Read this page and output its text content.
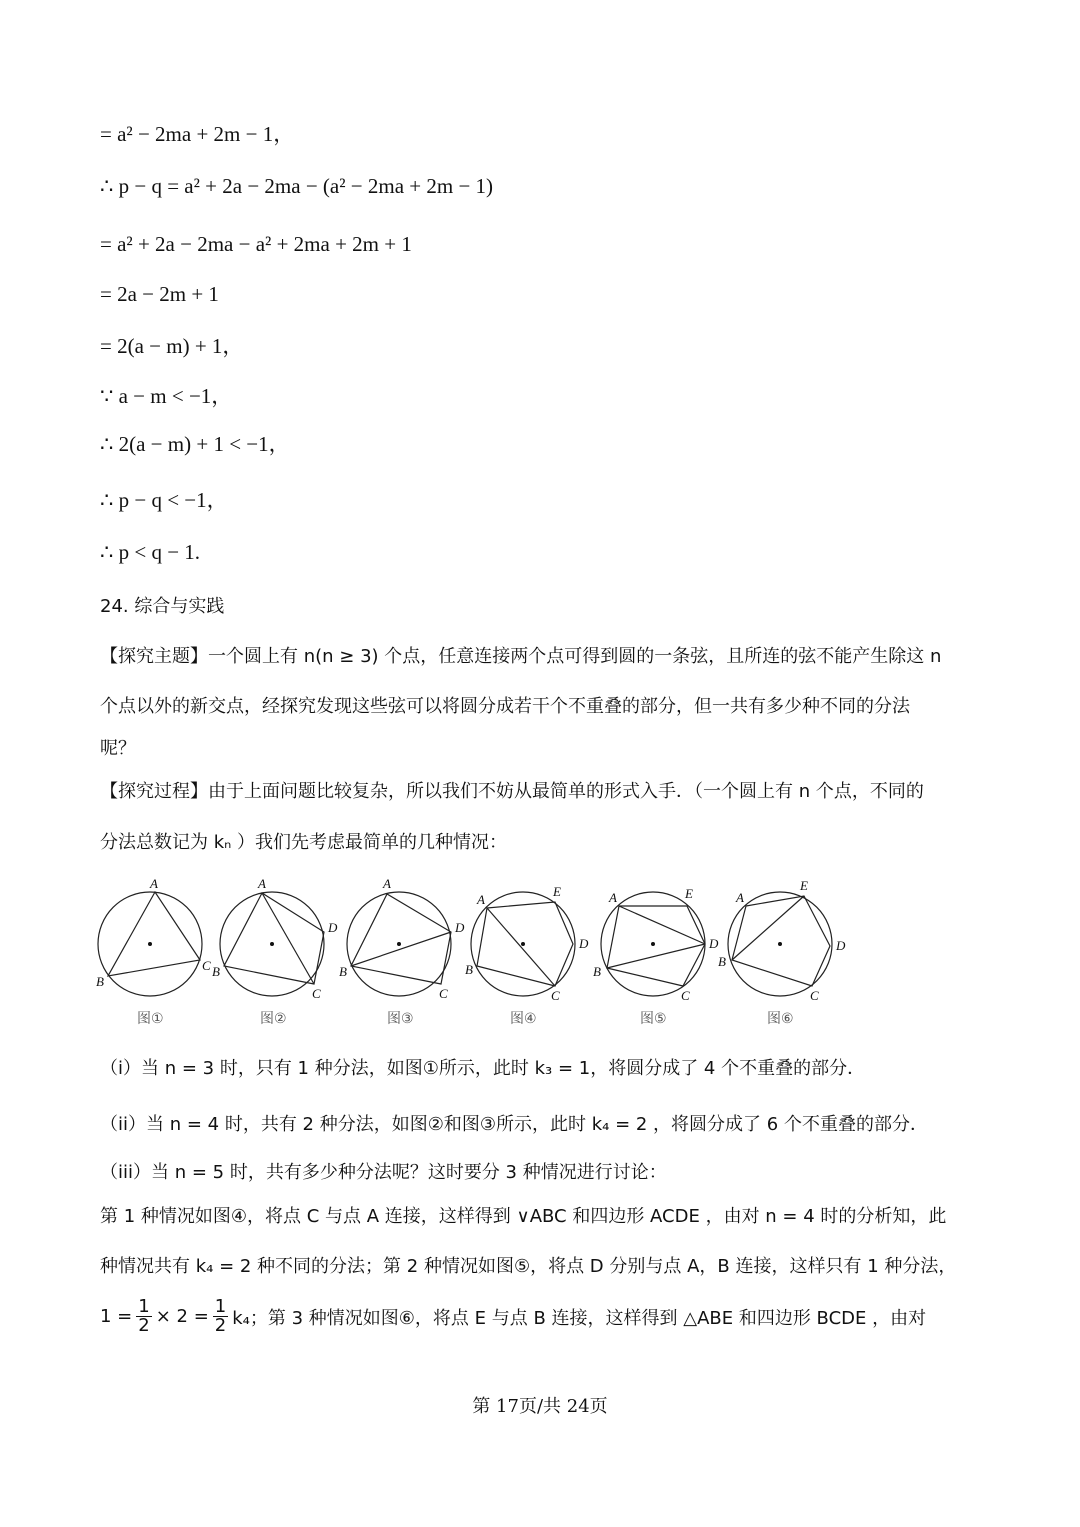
= a² − 2ma + 2m − 1，
∴ p − q = a² + 2a − 2ma − (a² − 2ma + 2m − 1)
= a² + 2a − 2ma − a² + 2ma + 2m + 1
= 2a − 2m + 1
= 2(a − m) + 1，
∵ a − m < −1，
∴ 2(a − m) + 1 < −1，
∴ p − q < −1，
∴ p < q − 1.
24. 综合与实践
【探究主题】一个圆上有 n(n ≥ 3) 个点，任意连接两个点可得到圆的一条弦，且所连的弦不能产生除这 n
个点以外的新交点，经探究发现这些弦可以将圆分成若干个不重叠的部分，但一共有多少种不同的分法
呢？
【探究过程】由于上面问题比较复杂，所以我们不妨从最简单的形式入手．（一个圆上有 n 个点，不同的
分法总数记为 kₙ ）我们先考虑最简单的几种情况：
A
B
C
A
B
C
D
A
B
C
D
A
B
C
D
E	A
B
C
D
E	A
B
C
D
E
图①	图②	图③	图④	图⑤	图⑥
（i）当 n = 3 时，只有 1 种分法，如图①所示，此时 k₃ = 1，将圆分成了 4 个不重叠的部分．
（ii）当 n = 4 时，共有 2 种分法，如图②和图③所示，此时 k₄ = 2 ，将圆分成了 6 个不重叠的部分．
（iii）当 n = 5 时，共有多少种分法呢？这时要分 3 种情况进行讨论：
第 1 种情况如图④，将点 C 与点 A 连接，这样得到 ∨ABC 和四边形 ACDE ，由对 n = 4 时的分析知，此
种情况共有 k₄ = 2 种不同的分法；第 2 种情况如图⑤，将点 D 分别与点 A，B 连接，这样只有 1 种分法，
$1 = \frac{1}{2} \times 2 = \frac{1}{2} k_4$；第 3 种情况如图⑥，将点 E 与点 B 连接，这样得到 △ABE 和四边形 BCDE ，由对
第 17页/共 24页
